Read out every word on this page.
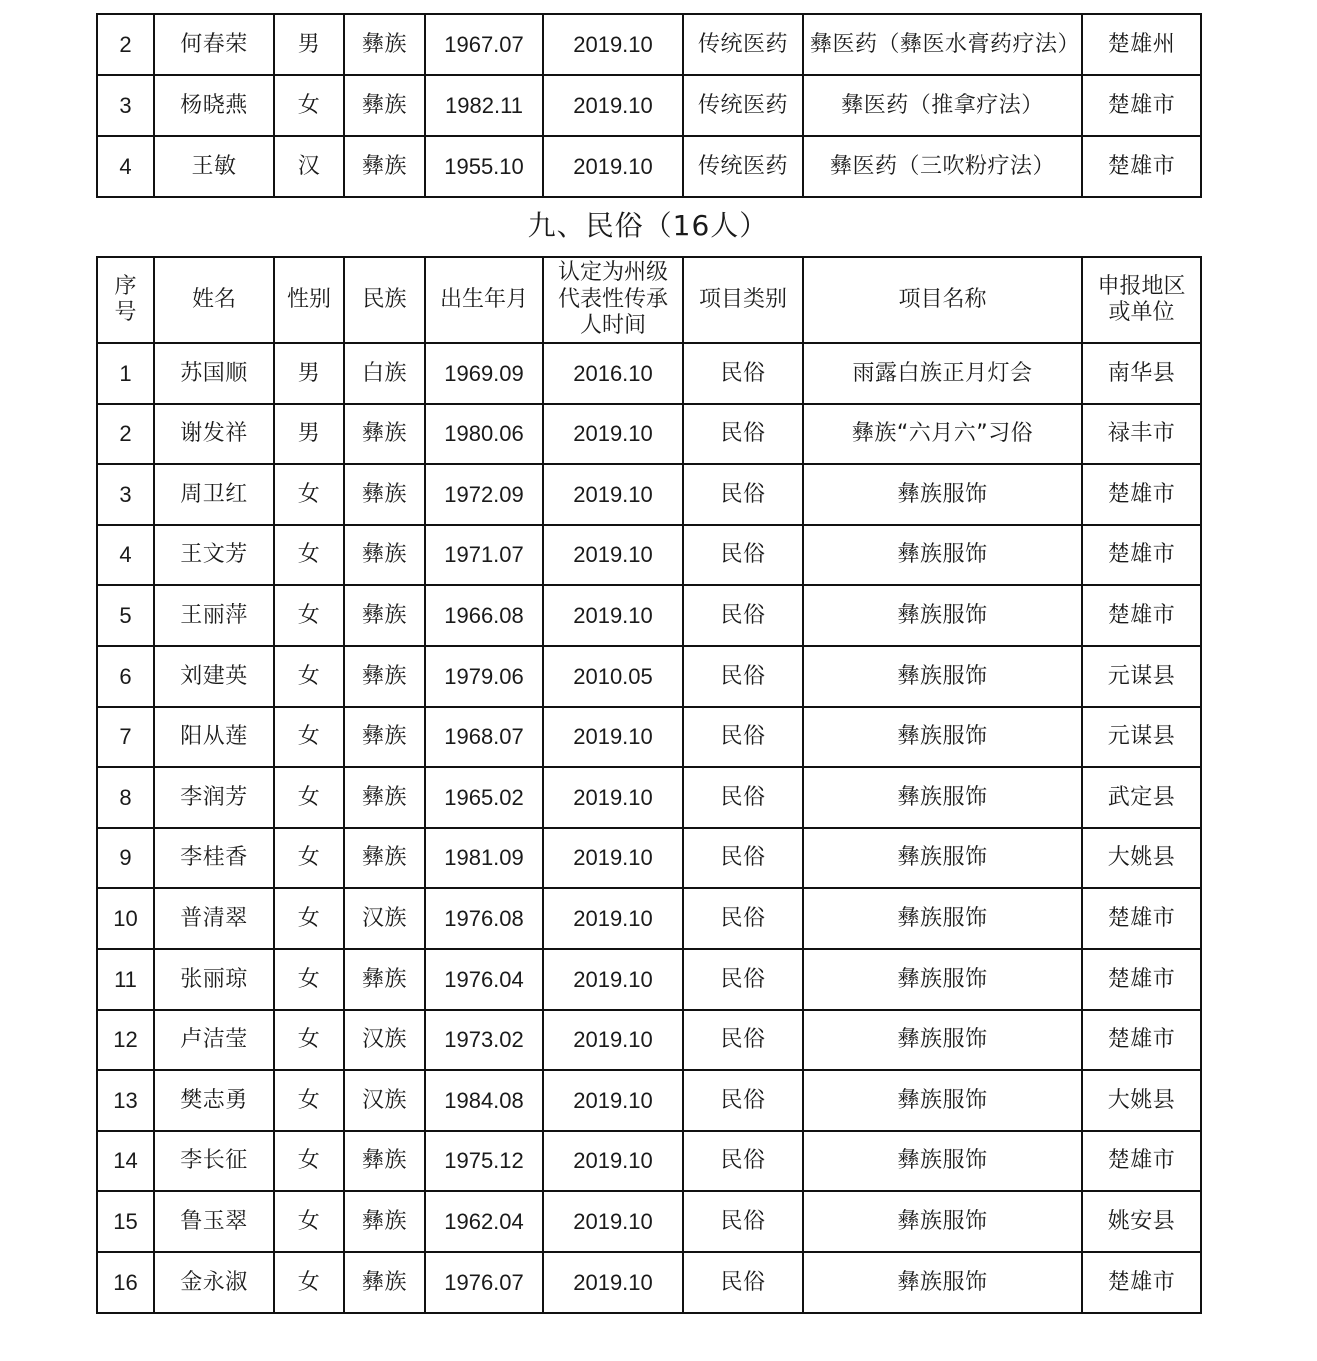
2	何春荣	男	彝族	1967.07	2019.10	传统医药	彝医药（彝医水膏药疗法）	楚雄州
3	杨晓燕	女	彝族	1982.11	2019.10	传统医药	彝医药（推拿疗法）	楚雄市
4	王敏	汉	彝族	1955.10	2019.10	传统医药	彝医药（三吹粉疗法）	楚雄市
九、民俗（16人）
序号	姓名	性别	民族	出生年月	认定为州级代表性传承人时间	项目类别	项目名称	申报地区或单位
1	苏国顺	男	白族	1969.09	2016.10	民俗	雨露白族正月灯会	南华县
2	谢发祥	男	彝族	1980.06	2019.10	民俗	彝族“六月六”习俗	禄丰市
3	周卫红	女	彝族	1972.09	2019.10	民俗	彝族服饰	楚雄市
4	王文芳	女	彝族	1971.07	2019.10	民俗	彝族服饰	楚雄市
5	王丽萍	女	彝族	1966.08	2019.10	民俗	彝族服饰	楚雄市
6	刘建英	女	彝族	1979.06	2010.05	民俗	彝族服饰	元谋县
7	阳从莲	女	彝族	1968.07	2019.10	民俗	彝族服饰	元谋县
8	李润芳	女	彝族	1965.02	2019.10	民俗	彝族服饰	武定县
9	李桂香	女	彝族	1981.09	2019.10	民俗	彝族服饰	大姚县
10	普清翠	女	汉族	1976.08	2019.10	民俗	彝族服饰	楚雄市
11	张丽琼	女	彝族	1976.04	2019.10	民俗	彝族服饰	楚雄市
12	卢洁莹	女	汉族	1973.02	2019.10	民俗	彝族服饰	楚雄市
13	樊志勇	女	汉族	1984.08	2019.10	民俗	彝族服饰	大姚县
14	李长征	女	彝族	1975.12	2019.10	民俗	彝族服饰	楚雄市
15	鲁玉翠	女	彝族	1962.04	2019.10	民俗	彝族服饰	姚安县
16	金永淑	女	彝族	1976.07	2019.10	民俗	彝族服饰	楚雄市
